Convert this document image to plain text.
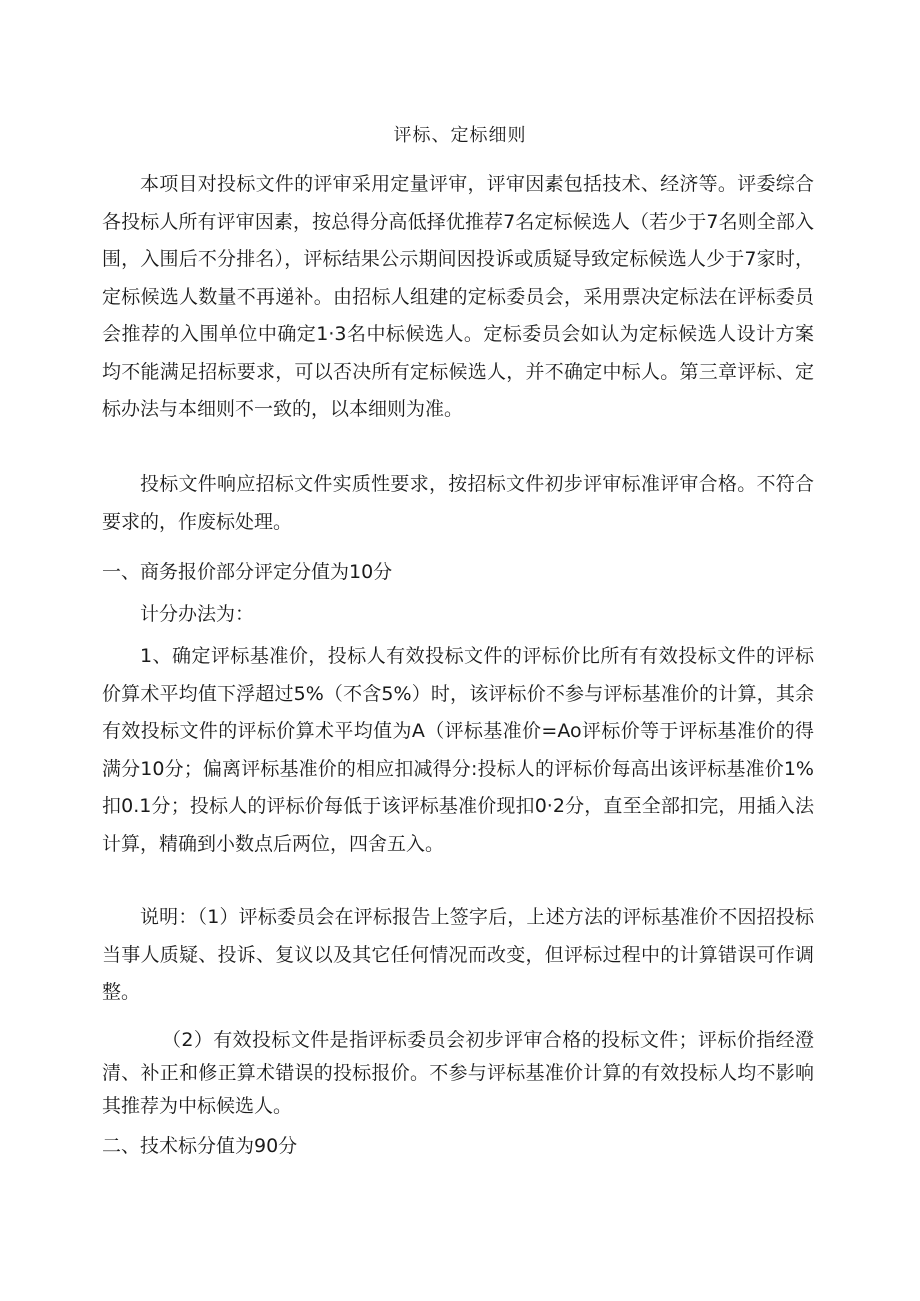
评标、定标细则

本项目对投标文件的评审采用定量评审，评审因素包括技术、经济等。评委综合各投标人所有评审因素，按总得分高低择优推荐7名定标候选人（若少于7名则全部入围，入围后不分排名），评标结果公示期间因投诉或质疑导致定标候选人少于7家时，定标候选人数量不再递补。由招标人组建的定标委员会，采用票决定标法在评标委员会推荐的入围单位中确定1·3名中标候选人。定标委员会如认为定标候选人设计方案均不能满足招标要求，可以否决所有定标候选人，并不确定中标人。第三章评标、定标办法与本细则不一致的，以本细则为准。

投标文件响应招标文件实质性要求，按招标文件初步评审标准评审合格。不符合要求的，作废标处理。

一、商务报价部分评定分值为10分

计分办法为：

1、确定评标基准价，投标人有效投标文件的评标价比所有有效投标文件的评标价算术平均值下浮超过5%（不含5%）时，该评标价不参与评标基准价的计算，其余有效投标文件的评标价算术平均值为A（评标基准价=Ao评标价等于评标基准价的得满分10分；偏离评标基准价的相应扣减得分:投标人的评标价每高出该评标基准价1%扣0.1分；投标人的评标价每低于该评标基准价现扣0·2分，直至全部扣完，用插入法计算，精确到小数点后两位，四舍五入。

说明：（1）评标委员会在评标报告上签字后，上述方法的评标基准价不因招投标当事人质疑、投诉、复议以及其它任何情况而改变，但评标过程中的计算错误可作调整。

（2）有效投标文件是指评标委员会初步评审合格的投标文件；评标价指经澄清、补正和修正算术错误的投标报价。不参与评标基准价计算的有效投标人均不影响其推荐为中标候选人。

二、技术标分值为90分
